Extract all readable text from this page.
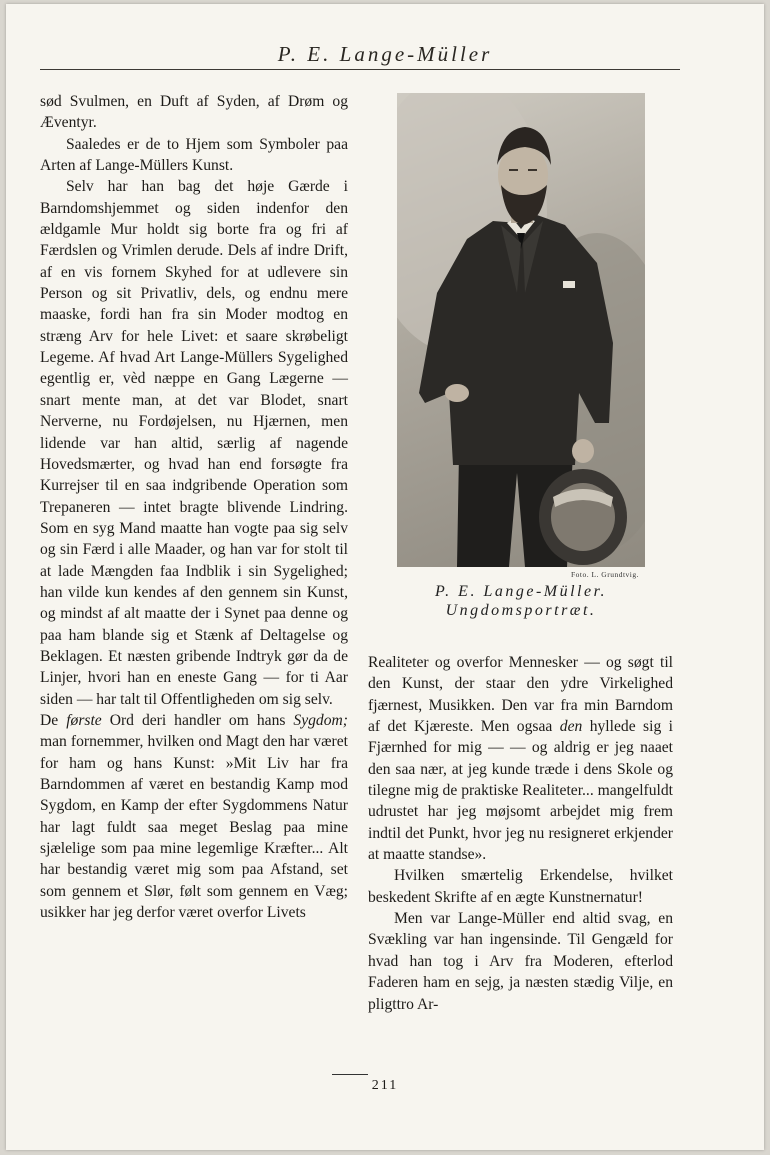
P. E. Lange-Müller

sød Svulmen, en Duft af Syden, af Drøm og Æventyr.

Saaledes er de to Hjem som Symboler paa Arten af Lange-Müllers Kunst.

Selv har han bag det høje Gærde i Barndomshjemmet og siden indenfor den ældgamle Mur holdt sig borte fra og fri af Færdslen og Vrimlen derude. Dels af indre Drift, af en vis fornem Skyhed for at udlevere sin Person og sit Privatliv, dels, og endnu mere maaske, fordi han fra sin Moder modtog en stræng Arv for hele Livet: et saare skrøbeligt Legeme. Af hvad Art Lange-Müllers Sygelighed egentlig er, vèd næppe en Gang Lægerne — snart mente man, at det var Blodet, snart Nerverne, nu Fordøjelsen, nu Hjærnen, men lidende var han altid, særlig af nagende Hovedsmærter, og hvad han end forsøgte fra Kurrejser til en saa indgribende Operation som Trepaneren — intet bragte blivende Lindring. Som en syg Mand maatte han vogte paa sig selv og sin Færd i alle Maader, og han var for stolt til at lade Mængden faa Indblik i sin Sygelighed; han vilde kun kendes af den gennem sin Kunst, og mindst af alt maatte der i Synet paa denne og paa ham blande sig et Stænk af Deltagelse og Beklagen. Et næsten gribende Indtryk gør da de Linjer, hvori han en eneste Gang — for ti Aar siden — har talt til Offentligheden om sig selv.

De første Ord deri handler om hans Sygdom; man fornemmer, hvilken ond Magt den har været for ham og hans Kunst: »Mit Liv har fra Barndommen af været en bestandig Kamp mod Sygdom, en Kamp der efter Sygdommens Natur har lagt fuldt saa meget Beslag paa mine sjælelige som paa mine legemlige Kræfter... Alt har bestandig været mig som paa Afstand, set som gennem et Slør, følt som gennem en Væg; usikker har jeg derfor været overfor Livets

Foto. L. Grundtvig.
P. E. Lange-Müller.
Ungdomsportræt.

Realiteter og overfor Mennesker — og søgt til den Kunst, der staar den ydre Virkelighed fjærnest, Musikken. Den var fra min Barndom af det Kjæreste. Men ogsaa den hyllede sig i Fjærnhed for mig — — og aldrig er jeg naaet den saa nær, at jeg kunde træde i dens Skole og tilegne mig de praktiske Realiteter... mangelfuldt udrustet har jeg møjsomt arbejdet mig frem indtil det Punkt, hvor jeg nu resigneret erkjender at maatte standse».

Hvilken smærtelig Erkendelse, hvilket beskedent Skrifte af en ægte Kunstnernatur!

Men var Lange-Müller end altid svag, en Svækling var han ingensinde. Til Gengæld for hvad han tog i Arv fra Moderen, efterlod Faderen ham en sejg, ja næsten stædig Vilje, en pligttro Ar-

211
